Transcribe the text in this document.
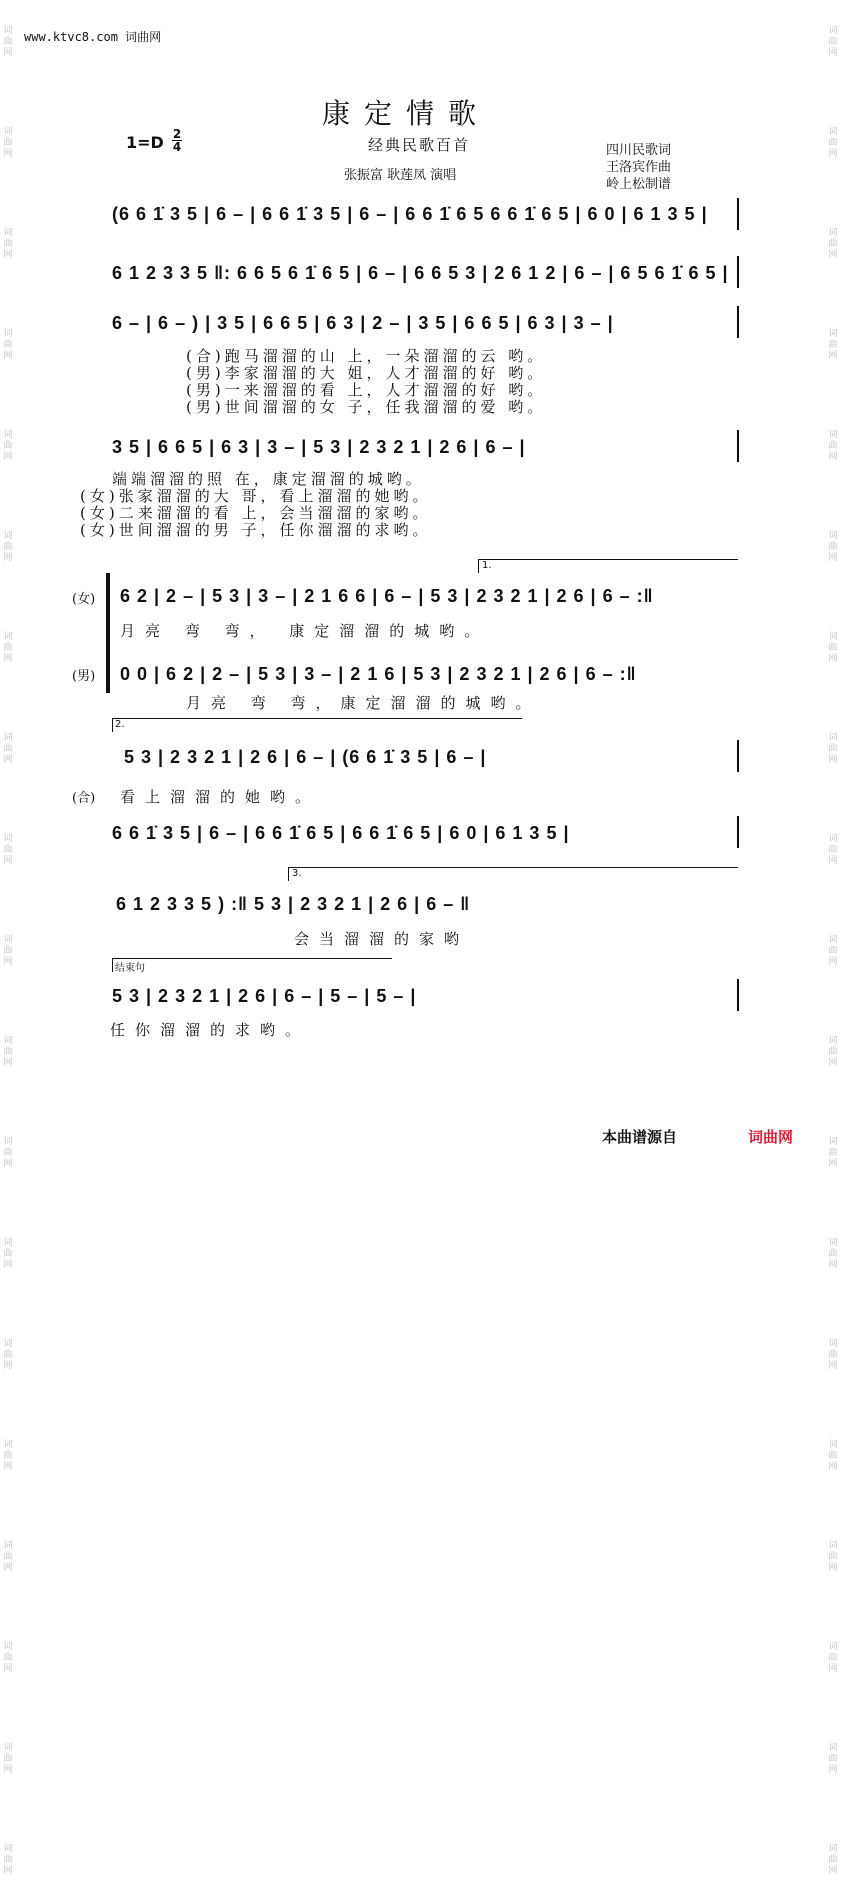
词
曲
网

词
曲
网

词
曲
网

词
曲
网

词
曲
网

词
曲
网

词
曲
网

词
曲
网

词
曲
网

词
曲
网

词
曲
网

词
曲
网

词
曲
网

词
曲
网

词
曲
网

词
曲
网

词
曲
网

词
曲
网

词
曲
网

词
曲
网

词
曲
网

词
曲
网

词
曲
网

词
曲
网

词
曲
网

词
曲
网

词
曲
网

词
曲
网

词
曲
网

词
曲
网

词
曲
网

词
曲
网

词
曲
网

词
曲
网

词
曲
网

词
曲
网

词
曲
网

词
曲
网

www.ktvc8.com 词曲网
康定情歌
1=D 2
4	经典民歌百首
张振富 耿莲凤 演唱
四川民歌词
王洛宾作曲
岭上松制谱
(6 6 1̇ 3 5 | 6 – | 6 6 1̇ 3 5 | 6 – | 6 6 1̇ 6 5 6 6 1̇ 6 5 | 6 0 | 6 1 3 5 |
6 1 2 3 3 5 ‖: 6 6 5 6 1̇ 6 5 | 6 – | 6 6 5 3 | 2 6 1 2 | 6 – | 6 5 6 1̇ 6 5 |
6 – | 6 – ) | 3 5 | 6 6 5 | 6 3 | 2 – | 3 5 | 6 6 5 | 6 3 | 3 – |
(合)跑马溜溜的山 上，一朵溜溜的云 哟。
(男)李家溜溜的大 姐，人才溜溜的好 哟。
(男)一来溜溜的看 上，人才溜溜的好 哟。
(男)世间溜溜的女 子，任我溜溜的爱 哟。
3 5 | 6 6 5 | 6 3 | 3 – | 5 3 | 2 3 2 1 | 2 6 | 6 – |
端端溜溜的照 在，康定溜溜的城哟。
(女)张家溜溜的大 哥，看上溜溜的她哟。
(女)二来溜溜的看 上，会当溜溜的家哟。
(女)世间溜溜的男 子，任你溜溜的求哟。
1.
(女) 6 2 | 2 – | 5 3 | 3 – | 2 1 6 6 | 6 – | 5 3 | 2 3 2 1 | 2 6 | 6 – :‖
月亮 弯 弯， 康定溜溜的城哟。
(男) 0 0 | 6 2 | 2 – | 5 3 | 3 – | 2 1 6 | 5 3 | 2 3 2 1 | 2 6 | 6 – :‖
月亮 弯 弯，康定溜溜的城哟。
2.
5 3 | 2 3 2 1 | 2 6 | 6 – | (6 6 1̇ 3 5 | 6 – |
(合) 看上溜溜的她哟。
6 6 1̇ 3 5 | 6 – | 6 6 1̇ 6 5 | 6 6 1̇ 6 5 | 6 0 | 6 1 3 5 |
3.
6 1 2 3 3 5 ) :‖ 5 3 | 2 3 2 1 | 2 6 | 6 – ‖
会当溜溜的家哟
结束句
5 3 | 2 3 2 1 | 2 6 | 6 – | 5 – | 5 – |
任你溜溜的求哟。
本曲谱源自	词曲网
